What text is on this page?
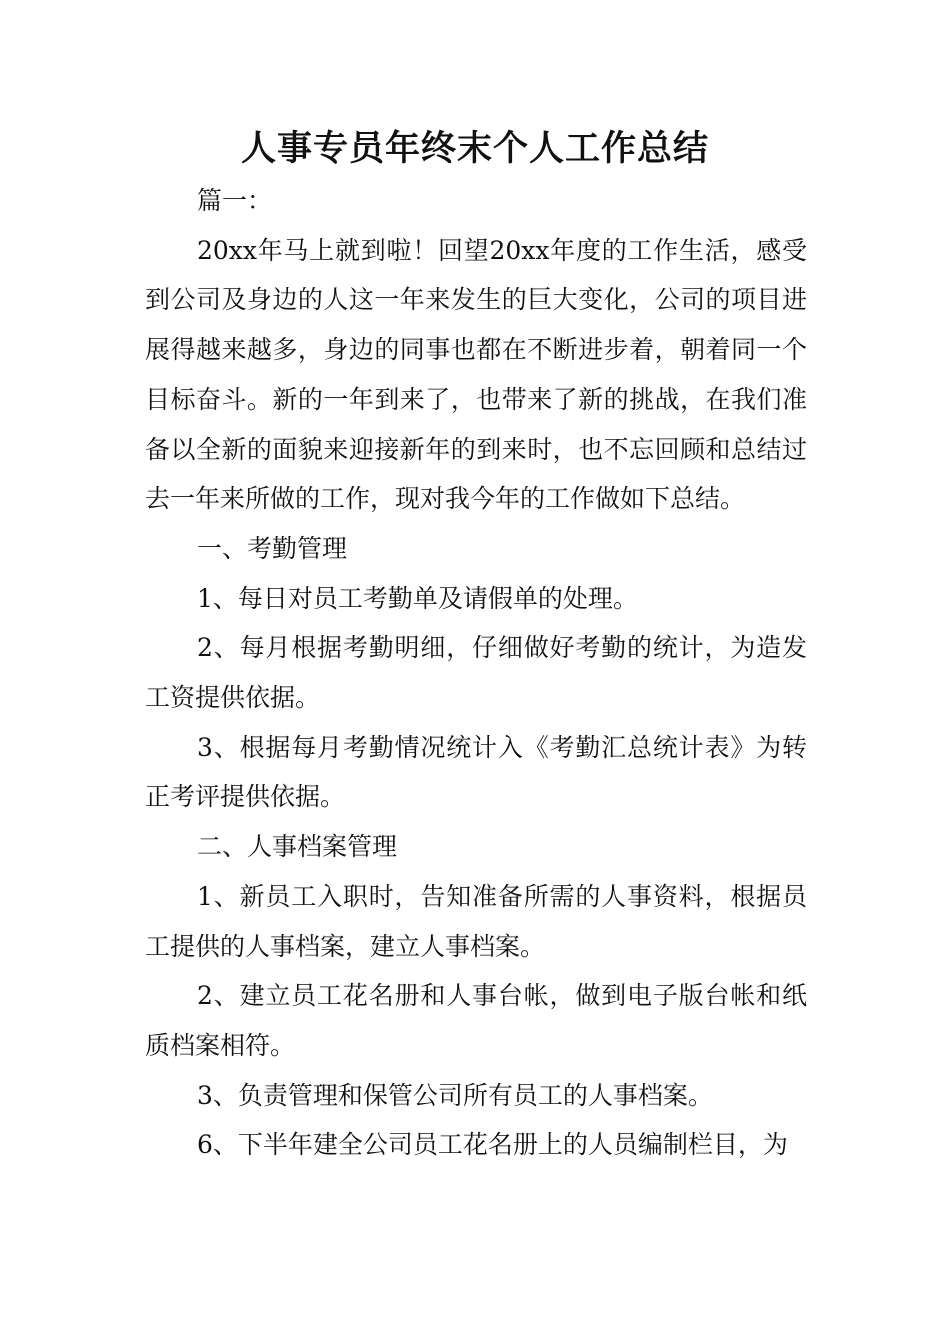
人事专员年终末个人工作总结

篇一：

20xx年马上就到啦！回望20xx年度的工作生活，感受到公司及身边的人这一年来发生的巨大变化，公司的项目进展得越来越多，身边的同事也都在不断进步着，朝着同一个目标奋斗。新的一年到来了，也带来了新的挑战，在我们准备以全新的面貌来迎接新年的到来时，也不忘回顾和总结过去一年来所做的工作，现对我今年的工作做如下总结。

一、考勤管理

1、每日对员工考勤单及请假单的处理。

2、每月根据考勤明细，仔细做好考勤的统计，为造发工资提供依据。

3、根据每月考勤情况统计入《考勤汇总统计表》为转正考评提供依据。

二、人事档案管理

1、新员工入职时，告知准备所需的人事资料，根据员工提供的人事档案，建立人事档案。

2、建立员工花名册和人事台帐，做到电子版台帐和纸质档案相符。

3、负责管理和保管公司所有员工的人事档案。

6、下半年建全公司员工花名册上的人员编制栏目，为
